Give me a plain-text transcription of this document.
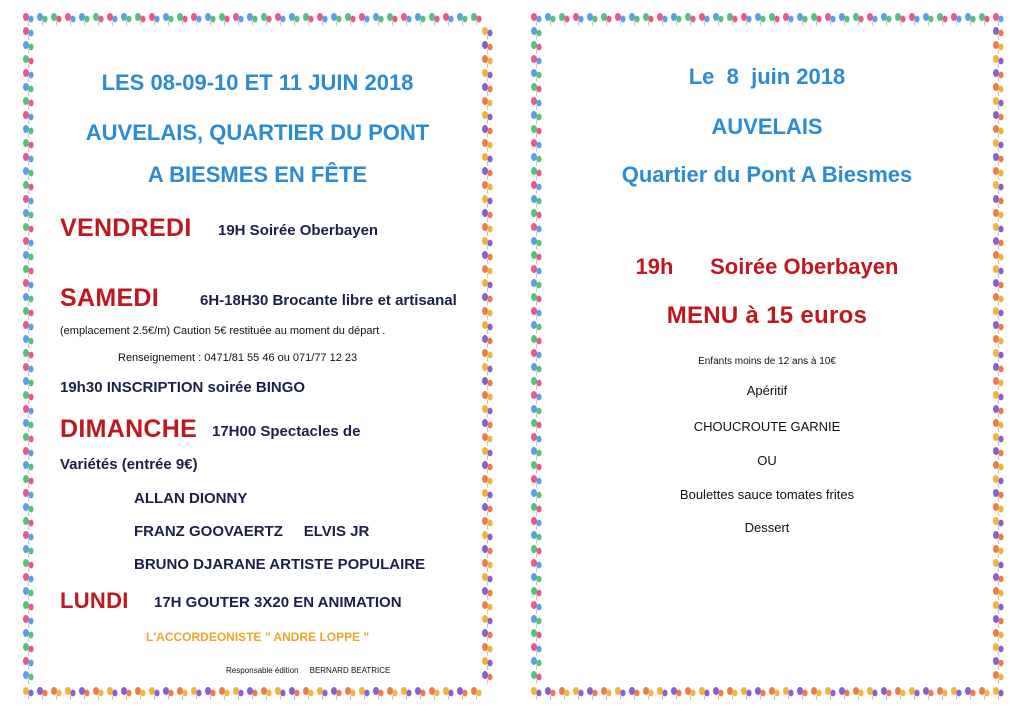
LES 08-09-10 ET 11 JUIN 2018

AUVELAIS, QUARTIER DU PONT

A BIESMES EN FÊTE

VENDREDI 19H Soirée Oberbayen
SAMEDI	6H-18H30 Brocante libre et artisanal
(emplacement 2.5€/m) Caution 5€ restituée au moment du départ .
Renseignement : 0471/81 55 46 ou 071/77 12 23
19h30 INSCRIPTION soirée BINGO
DIMANCHE 17H00 Spectacles de
Variétés (entrée 9€)
ALLAN DIONNY
FRANZ GOOVAERTZ     ELVIS JR
BRUNO DJARANE ARTISTE POPULAIRE
LUNDI 17H GOUTER 3X20 EN ANIMATION
L'ACCORDEONISTE " ANDRE LOPPE "
Responsable édition     BERNARD BEATRICE

Le  8  juin 2018

AUVELAIS

Quartier du Pont A Biesmes

19h      Soirée Oberbayen

MENU à 15 euros

Enfants moins de 12 ans à 10€

Apéritif

CHOUCROUTE GARNIE

OU

Boulettes sauce tomates frites

Dessert
